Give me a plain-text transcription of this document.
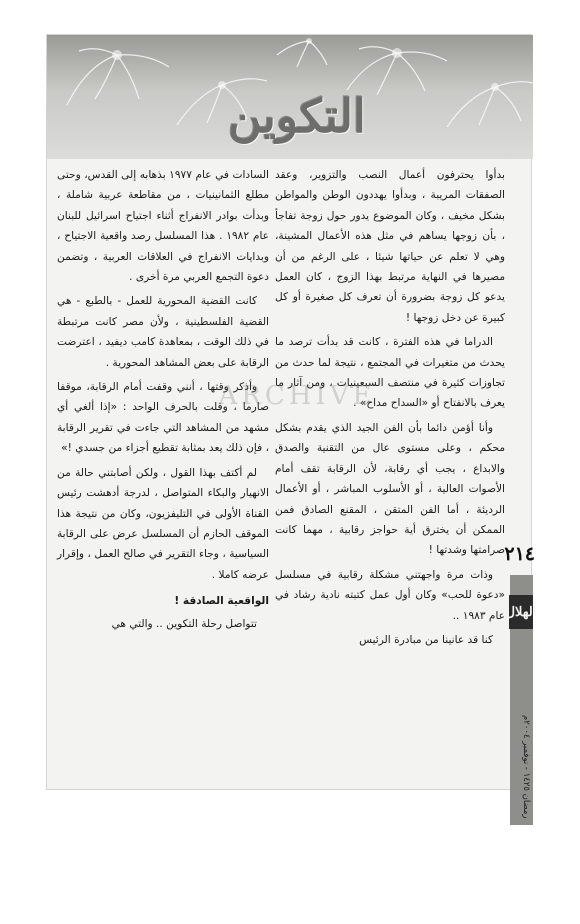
التكوين

بدأوا يحترفون أعمال النصب والتزوير، وعقد الصفقات المريبة ، وبدأوا يهددون الوطن والمواطن بشكل مخيف ، وكان الموضوع يدور حول زوجة تفاجأ ، بأن زوجها يساهم في مثل هذه الأعمال المشينة، وهي لا تعلم عن حياتها شيئا ، على الرغم من أن مصيرها في النهاية مرتبط بهذا الزوج ، كان العمل يدعو كل زوجة بضرورة أن تعرف كل صغيرة أو كل كبيرة عن دخل زوجها !

الدراما في هذه الفترة ، كانت قد بدأت ترصد ما يحدث من متغيرات في المجتمع ، نتيجة لما حدث من تجاوزات كثيرة في منتصف السبعينيات ، ومن آثار ما يعرف بالانفتاح أو «السداح مداح» .

وأنا أؤمن دائما بأن الفن الجيد الذي يقدم بشكل محكم ، وعلى مستوى عال من التقنية والصدق والابداع ، يجب أي رقابة، لأن الرقابة تقف أمام الأصوات العالية ، أو الأسلوب المباشر ، أو الأعمال الرديئة ، أما الفن المتقن ، المقنع الصادق فمن الممكن أن يخترق أية حواجز رقابية ، مهما كانت صرامتها وشدتها !

وذات مرة واجهتني مشكلة رقابية في مسلسل «دعوة للحب» وكان أول عمل كتبته نادية رشاد في عام ١٩٨٣ ..

كنا قد عانينا من مبادرة الرئيس

السادات في عام ١٩٧٧ بذهابه إلى القدس، وحتى مطلع الثمانينيات ، من مقاطعة عربية شاملة ، وبدأت بوادر الانفراج أثناء اجتياح اسرائيل للبنان عام ١٩٨٢ . هذا المسلسل رصد واقعية الاجتياح ، وبدايات الانفراج في العلاقات العربية ، وتضمن دعوة التجمع العربي مرة أخرى .

كانت القضية المحورية للعمل - بالطبع - هي القضية الفلسطينية ، ولأن مصر كانت مرتبطة في ذلك الوقت ، بمعاهدة كامب ديفيد ، اعترضت الرقابة على بعض المشاهد المحورية .

وأذكر وقتها ، أنني وقفت أمام الرقابة، موقفا صارما ، وقلت بالحرف الواحد : «إذا ألغي أي مشهد من المشاهد التي جاءت في تقرير الرقابة ، فإن ذلك يعد بمثابة تقطيع أجزاء من جسدي !»

لم أكتف بهذا القول ، ولكن أصابتني حالة من الانهيار والبكاء المتواصل ، لدرجة أدهشت رئيس القناة الأولى في التليفزيون، وكان من نتيجة هذا الموقف الحازم أن المسلسل عرض على الرقابة السياسية ، وجاء التقرير في صالح العمل ، وإقرار عرضه كاملا .

الواقعية الصادقة !

تتواصل رحلة التكوين .. والتي هي

ARCHIVE
٢١٤
الهلال
رمضان ١٤٢٥ - نوفمبر ٢٠٠٤م
